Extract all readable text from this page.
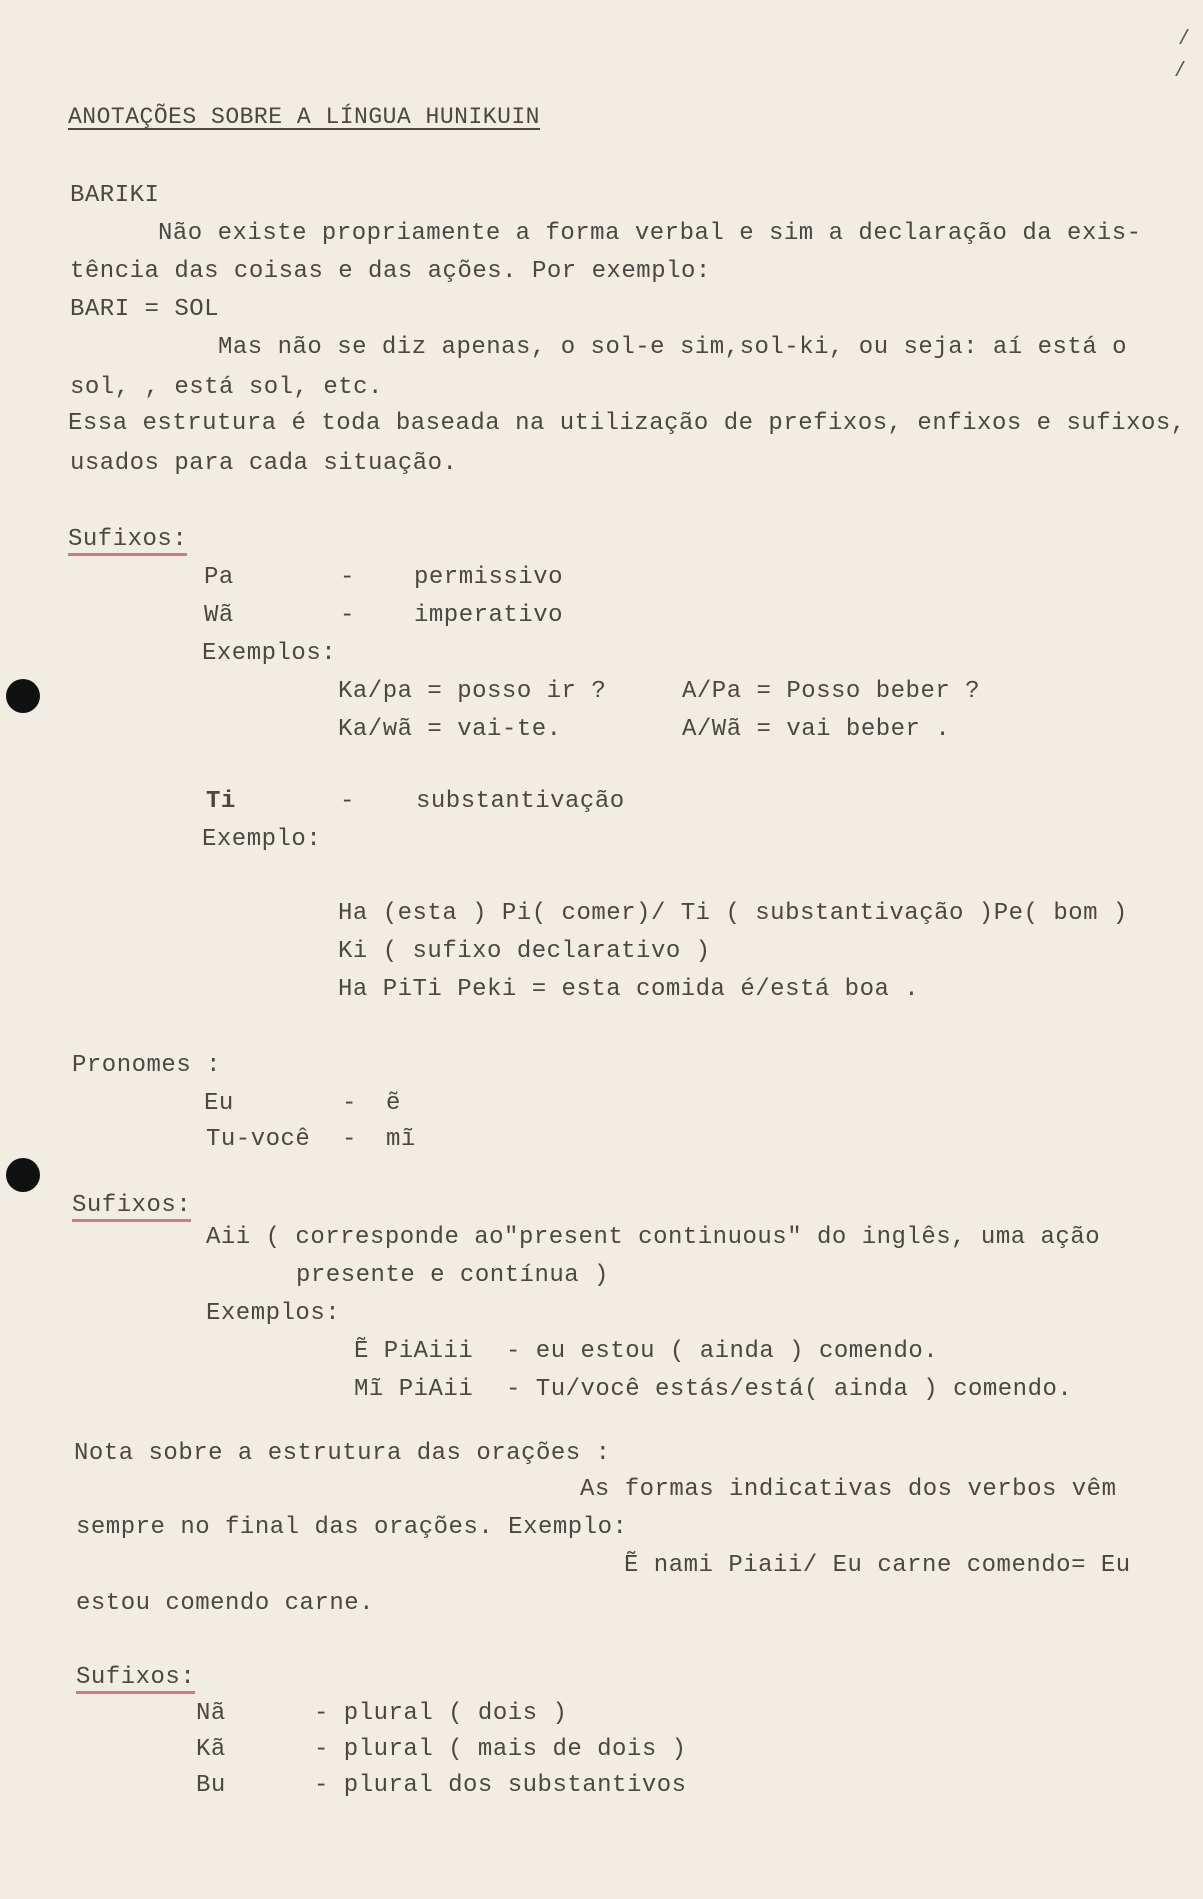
/
/
ANOTAÇÕES SOBRE A LÍNGUA HUNIKUIN
BARIKI
Não existe propriamente a forma verbal e sim a declaração da exis-
tência das coisas e das ações. Por exemplo:
BARI = SOL
Mas não se diz apenas, o sol-e sim,sol-ki, ou seja: aí está o
sol, , está sol, etc.
Essa estrutura é toda baseada na utilização de prefixos, enfixos e sufixos,
usados para cada situação.
Sufixos:
Pa	- permissivo
Wã	- imperativo
Exemplos:
Ka/pa = posso ir ?	A/Pa = Posso beber ?
Ka/wã = vai-te.	A/Wã = vai beber .
Ti	-	substantivação
Exemplo:
Ha (esta ) Pi( comer)/ Ti ( substantivação )Pe( bom )
Ki ( sufixo declarativo )
Ha PiTi Peki = esta comida é/está boa .
Pronomes :
Eu	- ẽ
Tu-você - mĩ
Sufixos:
Aii ( corresponde ao"present continuous" do inglês, uma ação
presente e contínua )
Exemplos:
Ẽ PiAiii - eu estou ( ainda ) comendo.
Mĩ PiAii - Tu/você estás/está( ainda ) comendo.
Nota sobre a estrutura das orações :
As formas indicativas dos verbos vêm
sempre no final das orações. Exemplo:
Ẽ nami Piaii/ Eu carne comendo= Eu
estou comendo carne.
Sufixos:
Nã	- plural ( dois )
Kã	- plural ( mais de dois )
Bu	- plural dos substantivos
